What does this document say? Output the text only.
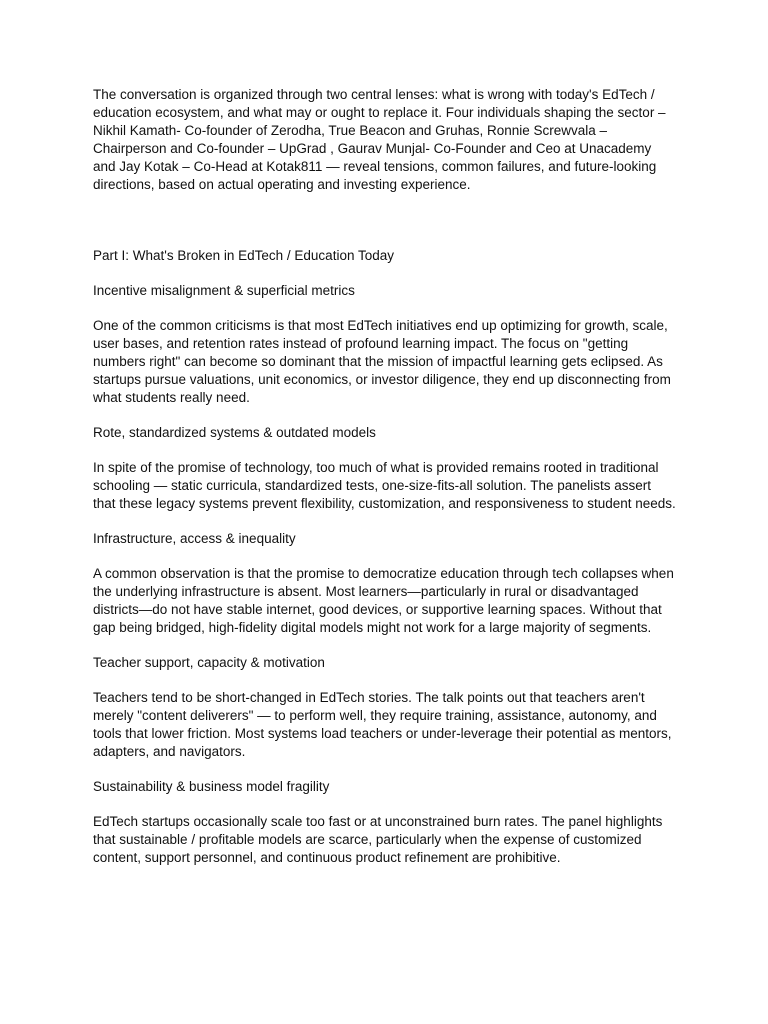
The conversation is organized through two central lenses: what is wrong with today's EdTech / education ecosystem, and what may or ought to replace it. Four individuals shaping the sector – Nikhil Kamath- Co-founder of Zerodha, True Beacon and Gruhas, Ronnie Screwvala – Chairperson and Co-founder – UpGrad , Gaurav Munjal- Co-Founder and Ceo at Unacademy and Jay Kotak – Co-Head at Kotak811 — reveal tensions, common failures, and future-looking directions, based on actual operating and investing experience.

Part I: What's Broken in EdTech / Education Today

Incentive misalignment & superficial metrics

One of the common criticisms is that most EdTech initiatives end up optimizing for growth, scale, user bases, and retention rates instead of profound learning impact. The focus on "getting numbers right" can become so dominant that the mission of impactful learning gets eclipsed. As startups pursue valuations, unit economics, or investor diligence, they end up disconnecting from what students really need.

Rote, standardized systems & outdated models

In spite of the promise of technology, too much of what is provided remains rooted in traditional schooling — static curricula, standardized tests, one-size-fits-all solution. The panelists assert that these legacy systems prevent flexibility, customization, and responsiveness to student needs.

Infrastructure, access & inequality

A common observation is that the promise to democratize education through tech collapses when the underlying infrastructure is absent. Most learners—particularly in rural or disadvantaged districts—do not have stable internet, good devices, or supportive learning spaces. Without that gap being bridged, high-fidelity digital models might not work for a large majority of segments.

Teacher support, capacity & motivation

Teachers tend to be short-changed in EdTech stories. The talk points out that teachers aren't merely "content deliverers" — to perform well, they require training, assistance, autonomy, and tools that lower friction. Most systems load teachers or under-leverage their potential as mentors, adapters, and navigators.

Sustainability & business model fragility

EdTech startups occasionally scale too fast or at unconstrained burn rates. The panel highlights that sustainable / profitable models are scarce, particularly when the expense of customized content, support personnel, and continuous product refinement are prohibitive.
